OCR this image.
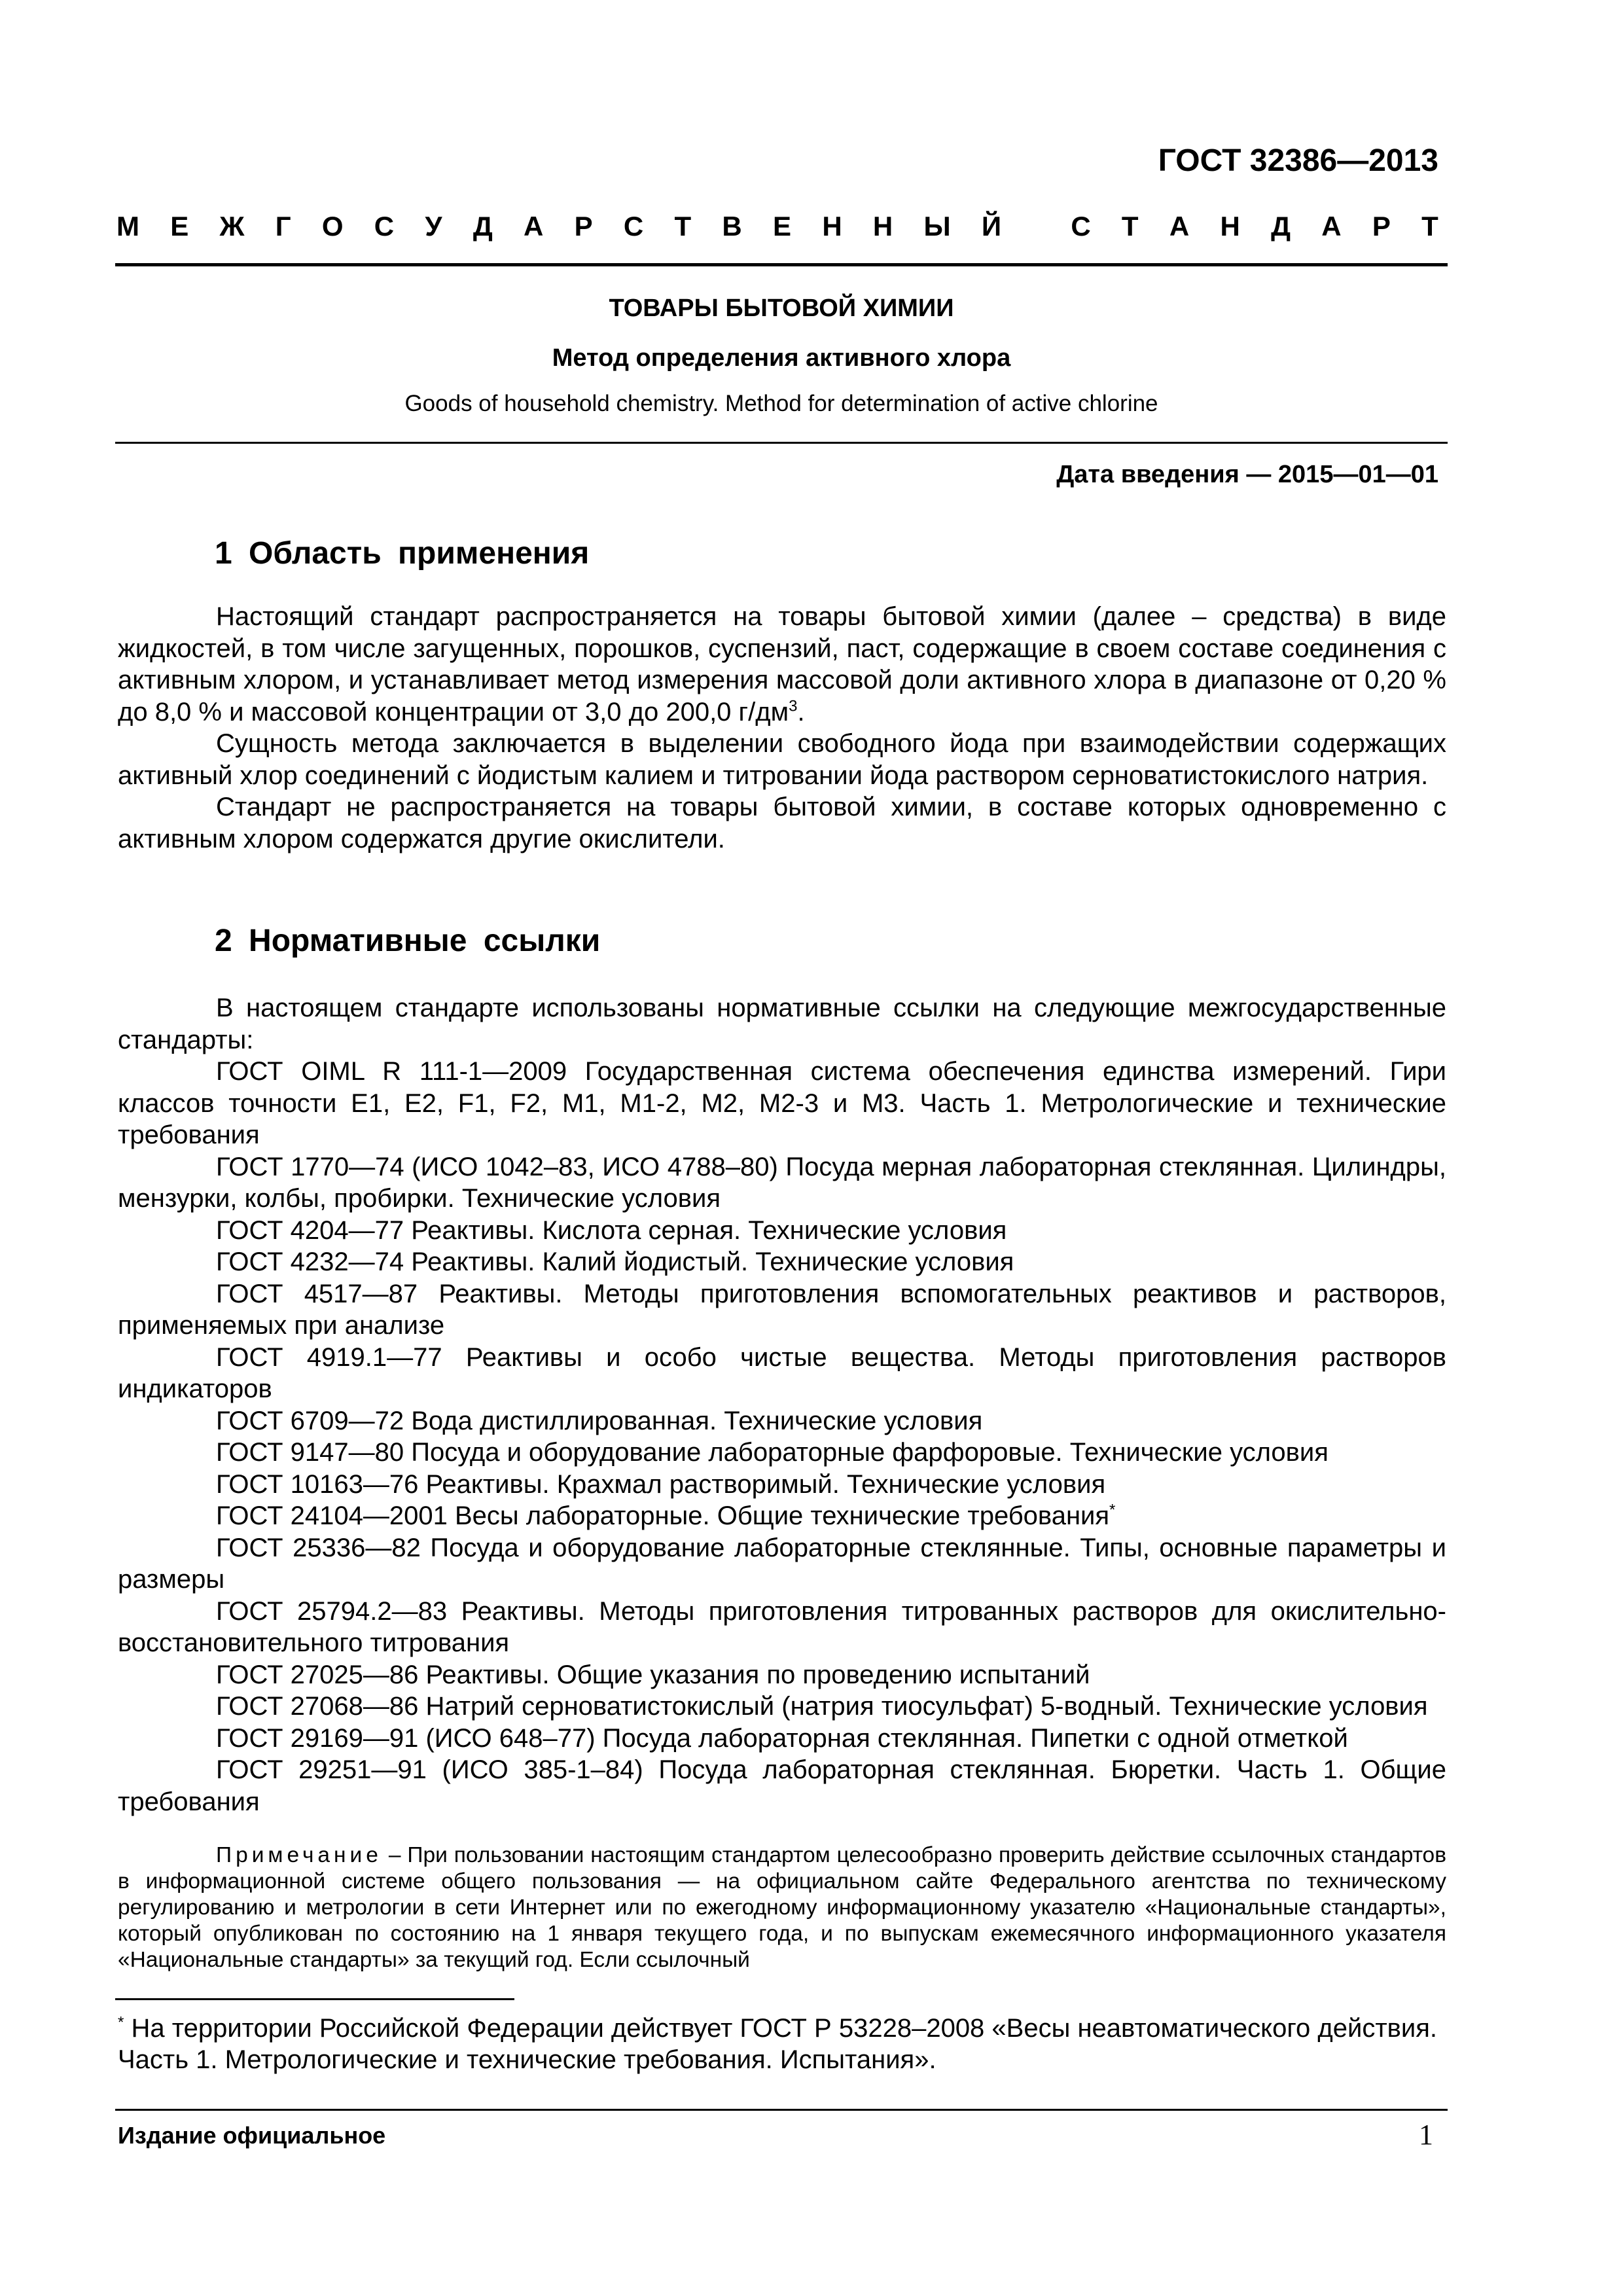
ГОСТ 32386—2013
М Е Ж Г О С У Д А Р С Т В Е Н Н Ы Й
	С Т А Н Д А Р Т
ТОВАРЫ БЫТОВОЙ ХИМИИ
Метод определения активного хлора
Goods of household chemistry. Method for determination of active chlorine
Дата введения — 2015—01—01
1 Область применения

Настоящий стандарт распространяется на товары бытовой химии (далее – средства) в виде жидкостей, в том числе загущенных, порошков, суспензий, паст, содержащие в своем составе соединения с активным хлором, и устанавливает метод измерения массовой доли активного хлора в диапазоне от 0,20 % до 8,0 % и массовой концентрации от 3,0 до 200,0 $г/дм^3$.

Сущность метода заключается в выделении свободного йода при взаимодействии содержащих активный хлор соединений с йодистым калием и титровании йода раствором серноватистокислого натрия.

Стандарт не распространяется на товары бытовой химии, в составе которых одновременно с активным хлором содержатся другие окислители.

2 Нормативные ссылки

В настоящем стандарте использованы нормативные ссылки на следующие межгосударственные стандарты:

ГОСТ OIML R 111-1—2009 Государственная система обеспечения единства измерений. Гири классов точности E1, E2, F1, F2, M1, M1-2, M2, M2-3 и M3. Часть 1. Метрологические и технические требования

ГОСТ 1770—74 (ИСО 1042–83, ИСО 4788–80) Посуда мерная лабораторная стеклянная. Цилиндры, мензурки, колбы, пробирки. Технические условия

ГОСТ 4204—77 Реактивы. Кислота серная. Технические условия

ГОСТ 4232—74 Реактивы. Калий йодистый. Технические условия

ГОСТ 4517—87 Реактивы. Методы приготовления вспомогательных реактивов и растворов, применяемых при анализе

ГОСТ 4919.1—77 Реактивы и особо чистые вещества. Методы приготовления растворов индикаторов

ГОСТ 6709—72 Вода дистиллированная. Технические условия

ГОСТ 9147—80 Посуда и оборудование лабораторные фарфоровые. Технические условия

ГОСТ 10163—76 Реактивы. Крахмал растворимый. Технические условия

ГОСТ 24104—2001 Весы лабораторные. Общие технические требования*

ГОСТ 25336—82 Посуда и оборудование лабораторные стеклянные. Типы, основные параметры и размеры

ГОСТ 25794.2—83 Реактивы. Методы приготовления титрованных растворов для окислительно-восстановительного титрования

ГОСТ 27025—86 Реактивы. Общие указания по проведению испытаний

ГОСТ 27068—86 Натрий серноватистокислый (натрия тиосульфат) 5-водный. Технические условия

ГОСТ 29169—91 (ИСО 648–77) Посуда лабораторная стеклянная. Пипетки с одной отметкой

ГОСТ 29251—91 (ИСО 385-1–84) Посуда лабораторная стеклянная. Бюретки. Часть 1. Общие требования

Примечание – При пользовании настоящим стандартом целесообразно проверить действие ссылочных стандартов в информационной системе общего пользования — на официальном сайте Федерального агентства по техническому регулированию и метрологии в сети Интернет или по ежегодному информационному указателю «Национальные стандарты», который опубликован по состоянию на 1 января текущего года, и по выпускам ежемесячного информационного указателя «Национальные стандарты» за текущий год. Если ссылочный

* На территории Российской Федерации действует ГОСТ Р 53228–2008 «Весы неавтоматического действия. Часть 1. Метрологические и технические требования. Испытания».

Издание официальное	1
